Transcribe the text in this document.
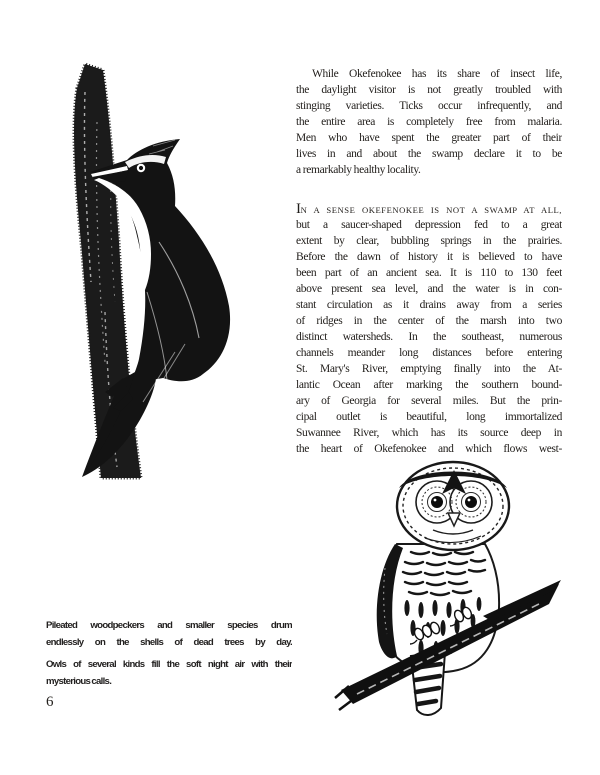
While Okefenokee has its share of insect life,
the daylight visitor is not greatly troubled with
stinging varieties. Ticks occur infrequently, and
the entire area is completely free from malaria.
Men who have spent the greater part of their
lives in and about the swamp declare it to be
a remarkably healthy locality.
IN A SENSE OKEFENOKEE IS NOT A SWAMP AT ALL,
but a saucer-shaped depression fed to a great
extent by clear, bubbling springs in the prairies.
Before the dawn of history it is believed to have
been part of an ancient sea. It is 110 to 130 feet
above present sea level, and the water is in con-
stant circulation as it drains away from a series
of ridges in the center of the marsh into two
distinct watersheds. In the southeast, numerous
channels meander long distances before entering
St. Mary's River, emptying finally into the At-
lantic Ocean after marking the southern bound-
ary of Georgia for several miles. But the prin-
cipal outlet is beautiful, long immortalized
Suwannee River, which has its source deep in
the heart of Okefenokee and which flows west-
Pileated woodpeckers and smaller species drum
endlessly on the shells of dead trees by day.
Owls of several kinds fill the soft night air with their
mysterious calls.
6
